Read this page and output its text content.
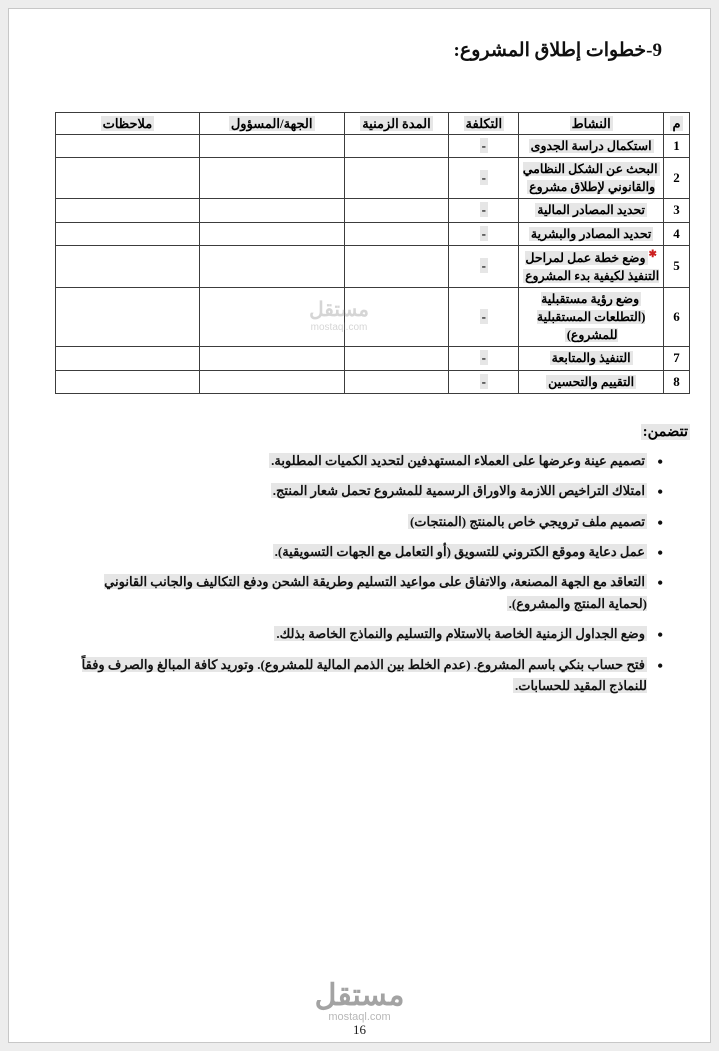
9-خطوات إطلاق المشروع:
م	النشاط	التكلفة	المدة الزمنية	الجهة/المسؤول	ملاحظات
1	استكمال دراسة الجدوى	-			
2	البحث عن الشكل النظامي والقانوني لإطلاق مشروع	-			
3	تحديد المصادر المالية	-			
4	تحديد المصادر والبشرية	-			
5	✱وضع خطة عمل لمراحل التنفيذ لكيفية بدء المشروع	-			
6	وضع رؤية مستقبلية (التطلعات المستقبلية للمشروع)	-			
7	التنفيذ والمتابعة	-			
8	التقييم والتحسين	-			
تتضمن:
• تصميم عينة وعرضها على العملاء المستهدفين لتحديد الكميات المطلوبة.
• امتلاك التراخيص اللازمة والاوراق الرسمية للمشروع تحمل شعار المنتج.
• تصميم ملف ترويجي خاص بالمنتج (المنتجات)
• عمل دعاية وموقع الكتروني للتسويق (أو التعامل مع الجهات التسويقية).
• التعاقد مع الجهة المصنعة، والاتفاق على مواعيد التسليم وطريقة الشحن ودفع التكاليف والجانب القانوني (لحماية المنتج والمشروع).
• وضع الجداول الزمنية الخاصة بالاستلام والتسليم والنماذج الخاصة بذلك.
• فتح حساب بنكي باسم المشروع. (عدم الخلط بين الذمم المالية للمشروع). وتوريد كافة المبالغ والصرف وفقاً للنماذج المقيد للحسابات.
مستقل
mostaql.com
مستقل
mostaql.com
16
